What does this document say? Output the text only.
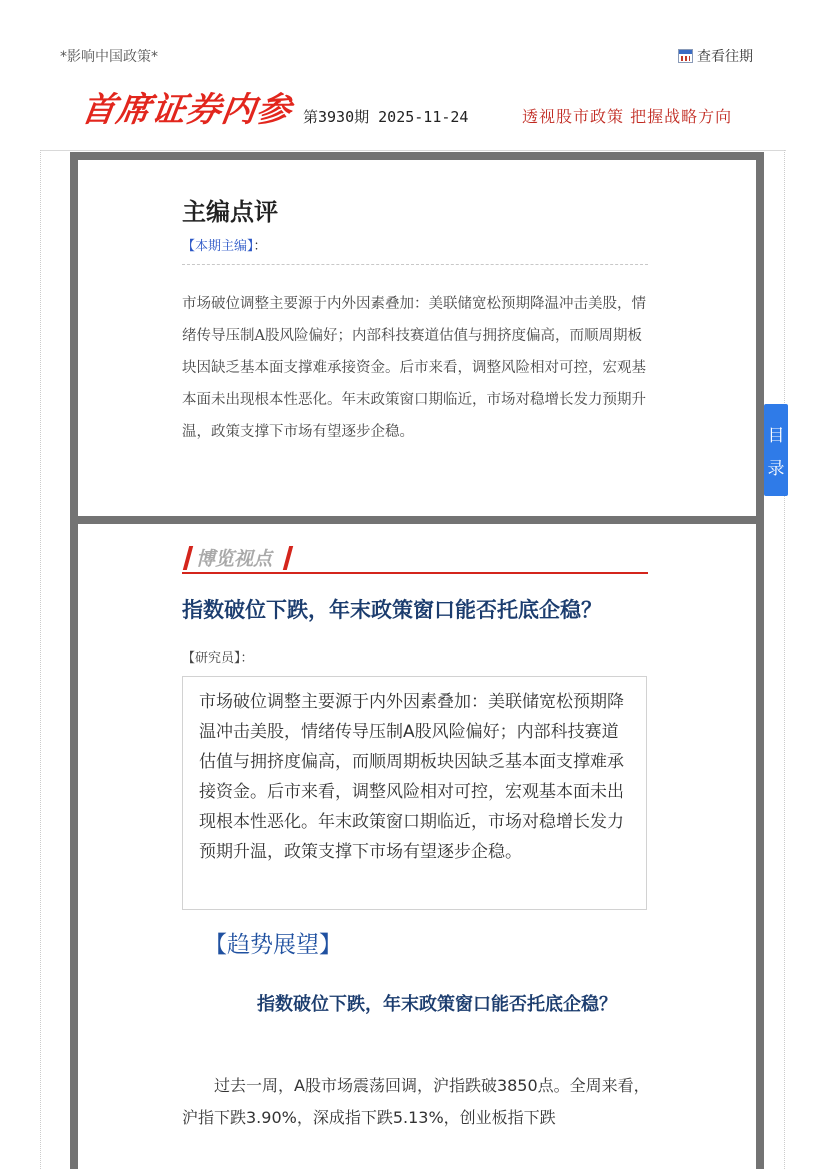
*影响中国政策*	查看往期
首席证券内参 第3930期 2025-11-24	透视股市政策 把握战略方向
主编点评
【本期主编】：
市场破位调整主要源于内外因素叠加：美联储宽松预期降温冲击美股，情绪传导压制A股风险偏好；内部科技赛道估值与拥挤度偏高，而顺周期板块因缺乏基本面支撑难承接资金。后市来看，调整风险相对可控，宏观基本面未出现根本性恶化。年末政策窗口期临近，市场对稳增长发力预期升温，政策支撑下市场有望逐步企稳。
博览视点
指数破位下跌，年末政策窗口能否托底企稳？
【研究员】：
市场破位调整主要源于内外因素叠加：美联储宽松预期降温冲击美股，情绪传导压制A股风险偏好；内部科技赛道估值与拥挤度偏高，而顺周期板块因缺乏基本面支撑难承接资金。后市来看，调整风险相对可控，宏观基本面未出现根本性恶化。年末政策窗口期临近，市场对稳增长发力预期升温，政策支撑下市场有望逐步企稳。
【趋势展望】
指数破位下跌，年末政策窗口能否托底企稳？
过去一周，A股市场震荡回调，沪指跌破3850点。全周来看，沪指下跌3.90%，深成指下跌5.13%，创业板指下跌
目
录
